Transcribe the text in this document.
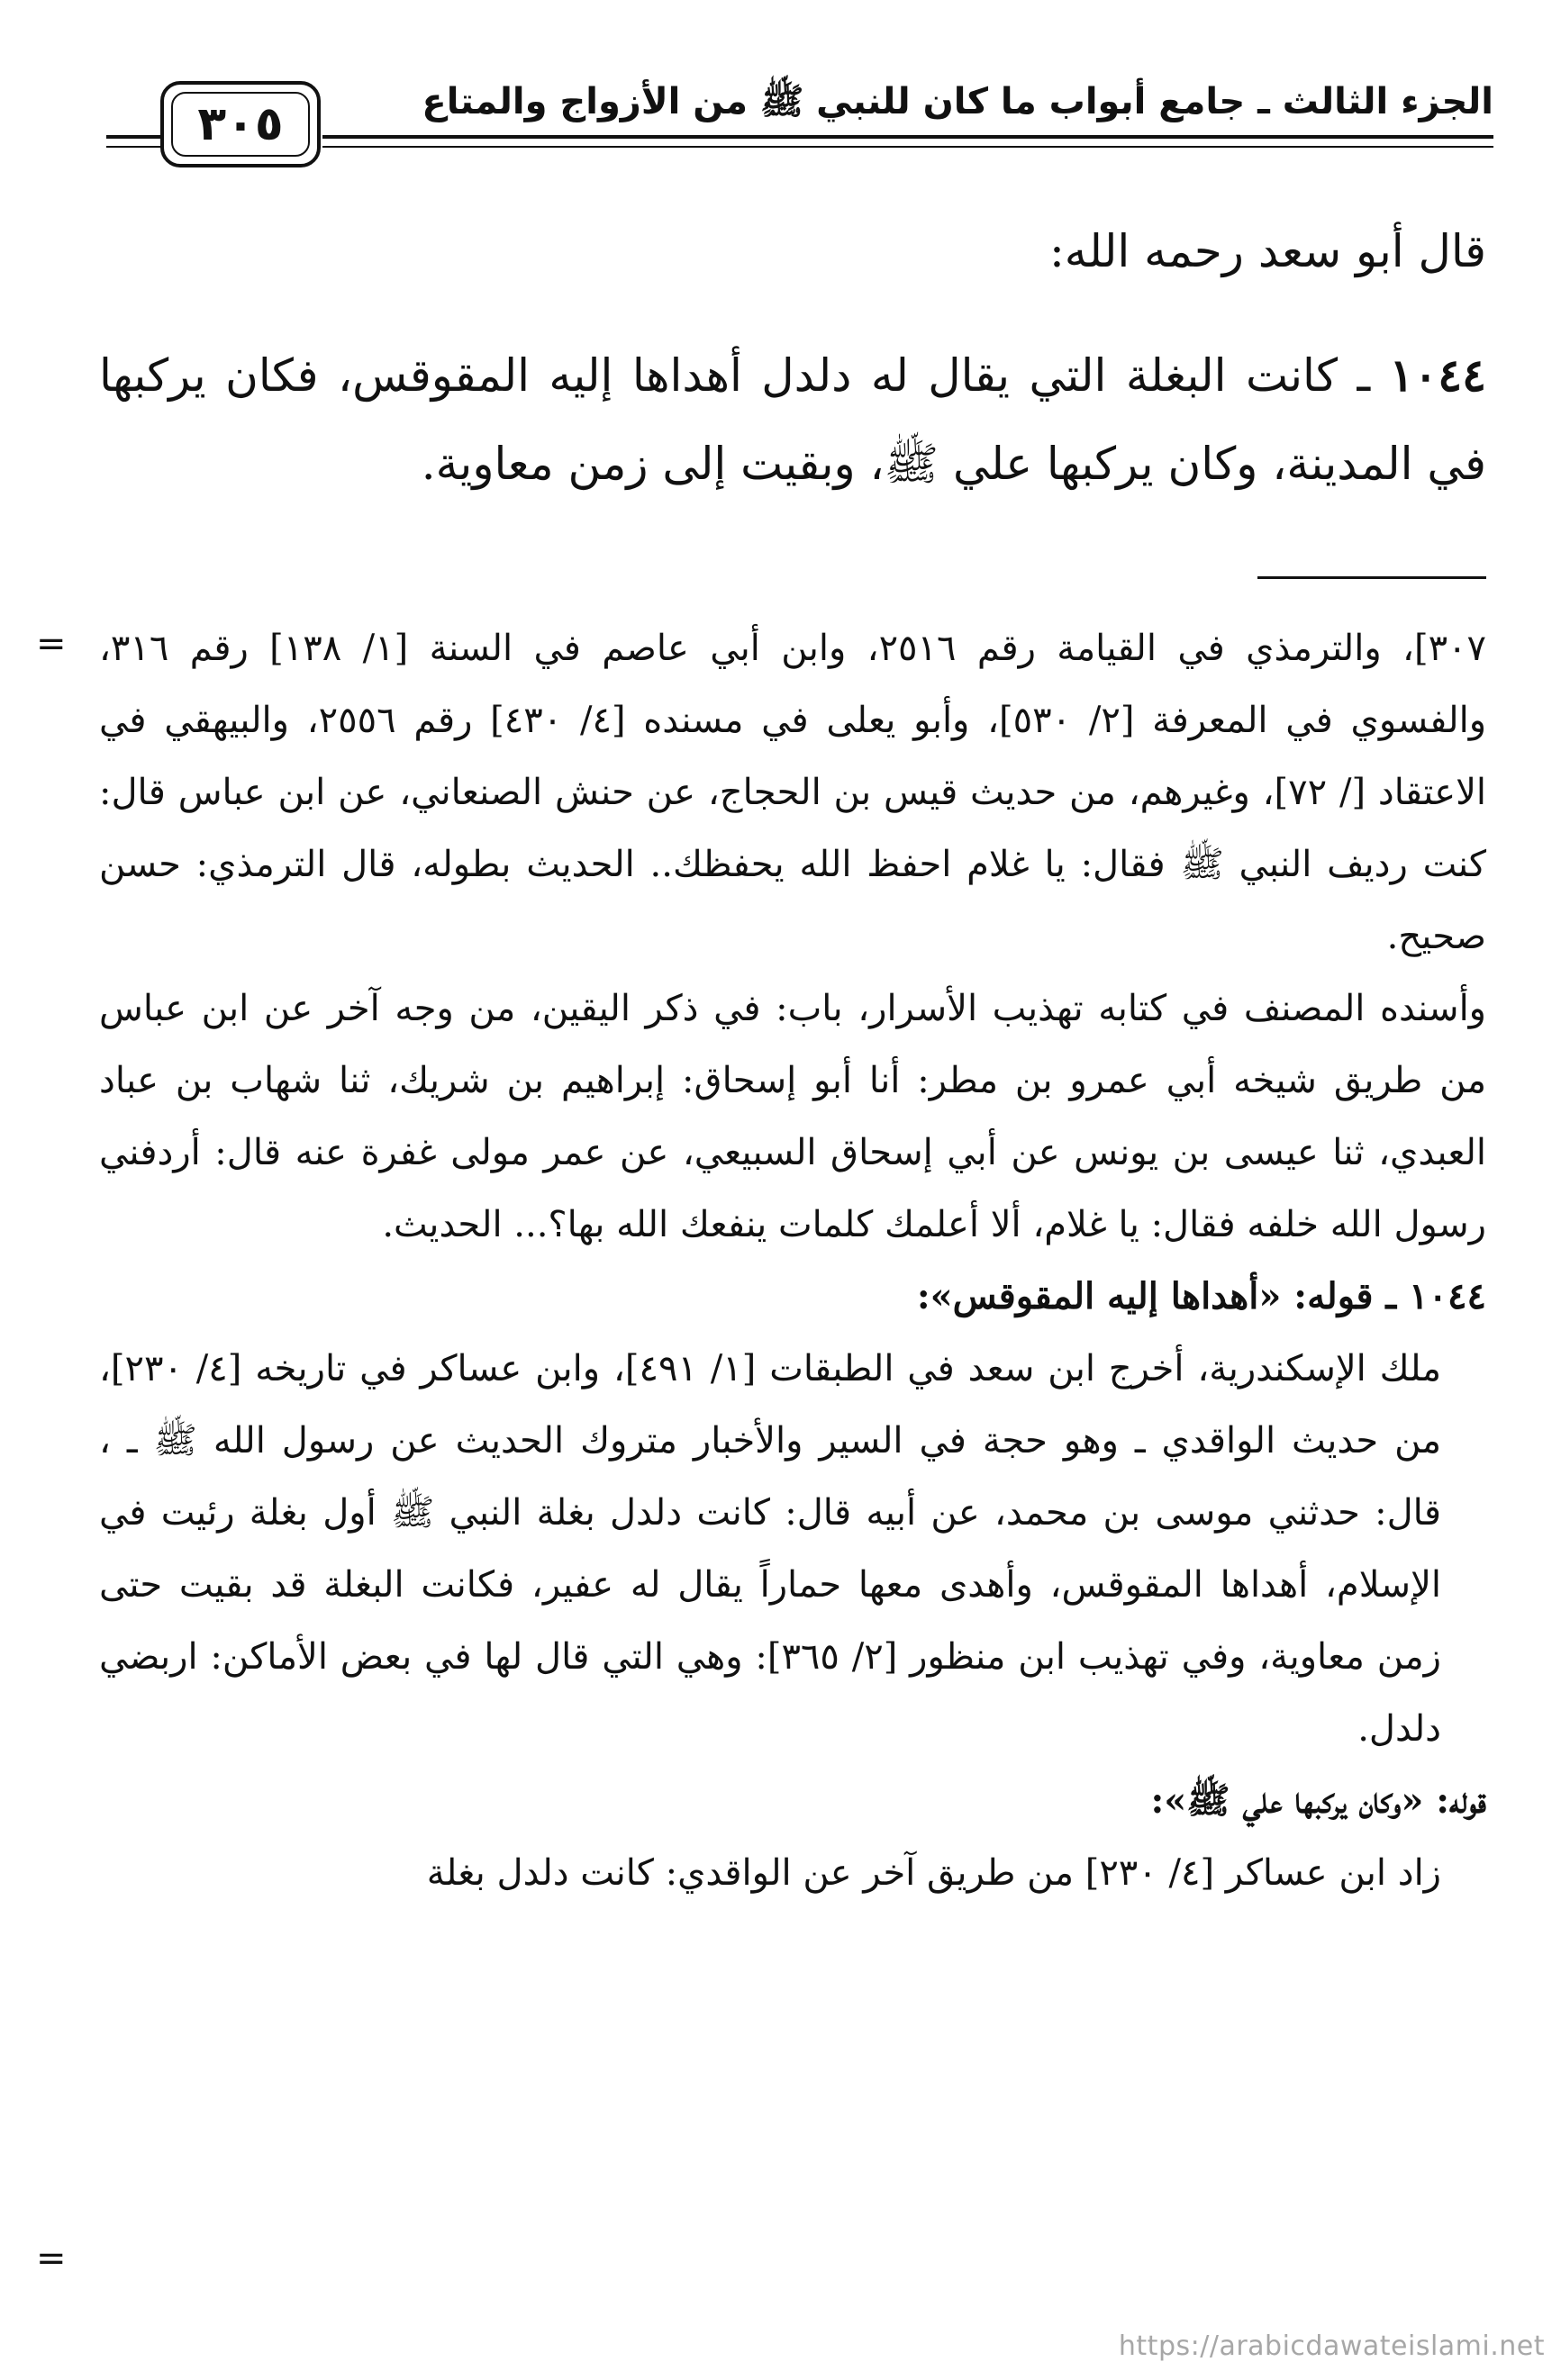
الجزء الثالث ـ جامع أبواب ما كان للنبي ﷺ من الأزواج والمتاع
٣٠٥
قال أبو سعد رحمه الله:
١٠٤٤ ـ كانت البغلة التي يقال له دلدل أهداها إليه المقوقس، فكان يركبها في المدينة، وكان يركبها علي ﷺ، وبقيت إلى زمن معاوية.
= ٣٠٧]، والترمذي في القيامة رقم ٢٥١٦، وابن أبي عاصم في السنة [١/ ١٣٨] رقم ٣١٦، والفسوي في المعرفة [٢/ ٥٣٠]، وأبو يعلى في مسنده [٤/ ٤٣٠] رقم ٢٥٥٦، والبيهقي في الاعتقاد [/ ٧٢]، وغيرهم، من حديث قيس بن الحجاج، عن حنش الصنعاني، عن ابن عباس قال: كنت رديف النبي ﷺ فقال: يا غلام احفظ الله يحفظك.. الحديث بطوله، قال الترمذي: حسن صحيح.
وأسنده المصنف في كتابه تهذيب الأسرار، باب: في ذكر اليقين، من وجه آخر عن ابن عباس من طريق شيخه أبي عمرو بن مطر: أنا أبو إسحاق: إبراهيم بن شريك، ثنا شهاب بن عباد العبدي، ثنا عيسى بن يونس عن أبي إسحاق السبيعي، عن عمر مولى غفرة عنه قال: أردفني رسول الله خلفه فقال: يا غلام، ألا أعلمك كلمات ينفعك الله بها؟... الحديث.
١٠٤٤ ـ قوله: «أهداها إليه المقوقس»:
ملك الإسكندرية، أخرج ابن سعد في الطبقات [١/ ٤٩١]، وابن عساكر في تاريخه [٤/ ٢٣٠]، من حديث الواقدي ـ وهو حجة في السير والأخبار متروك الحديث عن رسول الله ﷺ ـ ، قال: حدثني موسى بن محمد، عن أبيه قال: كانت دلدل بغلة النبي ﷺ أول بغلة رئيت في الإسلام، أهداها المقوقس، وأهدى معها حماراً يقال له عفير، فكانت البغلة قد بقيت حتى زمن معاوية، وفي تهذيب ابن منظور [٢/ ٣٦٥]: وهي التي قال لها في بعض الأماكن: اربضي دلدل.
قوله: «وكان يركبها علي ﷺ»:
زاد ابن عساكر [٤/ ٢٣٠] من طريق آخر عن الواقدي: كانت دلدل بغلة
=
https://arabicdawateislami.net
